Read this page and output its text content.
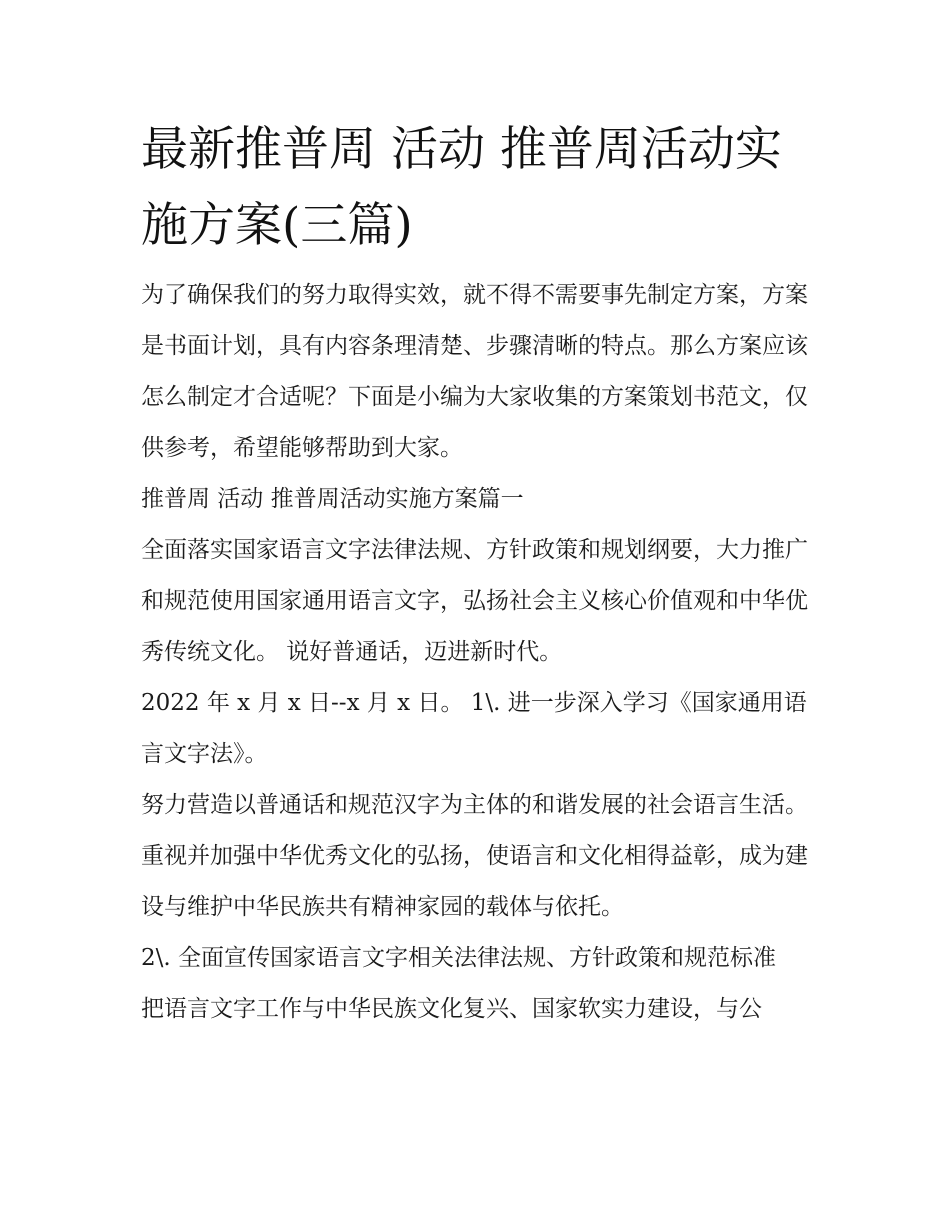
最新推普周 活动 推普周活动实施方案(三篇)

为了确保我们的努力取得实效，就不得不需要事先制定方案，方案是书面计划，具有内容条理清楚、步骤清晰的特点。那么方案应该怎么制定才合适呢？下面是小编为大家收集的方案策划书范文，仅供参考，希望能够帮助到大家。

推普周 活动 推普周活动实施方案篇一

全面落实国家语言文字法律法规、方针政策和规划纲要，大力推广和规范使用国家通用语言文字，弘扬社会主义核心价值观和中华优秀传统文化。 说好普通话，迈进新时代。

2022 年 x 月 x 日--x 月 x 日。 1\. 进一步深入学习《国家通用语言文字法》。

努力营造以普通话和规范汉字为主体的和谐发展的社会语言生活。重视并加强中华优秀文化的弘扬，使语言和文化相得益彰，成为建设与维护中华民族共有精神家园的载体与依托。

2\. 全面宣传国家语言文字相关法律法规、方针政策和规范标准

把语言文字工作与中华民族文化复兴、国家软实力建设，与公
